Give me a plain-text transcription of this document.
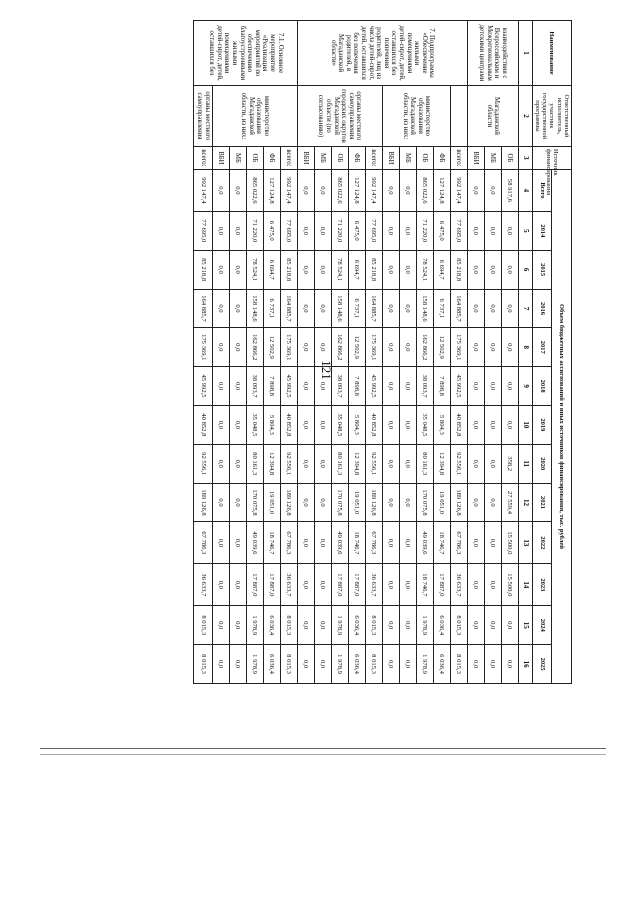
121
Наименование	Ответственный исполнитель, участник государственной программы	Источник финансирования	Объем бюджетных ассигнований и иных источников финансирования, тыс. рублей												
			Всего	2014	2015	2016	2017	2018	2019	2020	2021	2022	2023	2024	2025
1	2	3	4	5	6	7	8	9	10	11	12	13	14	15	16
взаимодействия с Всероссийским и Межрегиональным детскими центрами	Магаданской области	ОБ	58 917,6	0,0	0,0	0,0	0,0	0,0	0,0	358,2	27 559,4	15 500,0	15 500,0	0,0	0,0
		МБ	0,0	0,0	0,0	0,0	0,0	0,0	0,0	0,0	0,0	0,0	0,0	0,0	0,0
		ВБИ	0,0	0,0	0,0	0,0	0,0	0,0	0,0	0,0	0,0	0,0	0,0	0,0	0,0
7. Подпрограмма «Обеспечение жилыми помещениями детей-сирот, детей, оставшихся без попечения родителей, лиц из числа детей-сирот, детей, оставшихся без попечения родителей, в Магаданской области»		всего:	992 147,4	77 695,0	85 218,8	164 885,7	175 369,1	45 992,5	40 852,8	92 556,1	189 126,8	67 786,3	36 633,7	8 015,3	8 015,3
	министерство образования Магаданской области, из них:	ФБ	127 124,8	6 475,0	6 694,7	6 737,1	12 502,9	7 898,8	5 804,3	12 394,8	19 051,0	18 746,7	17 887,0	6 036,4	6 036,4
		ОБ	865 022,6	71 220,0	78 524,1	158 148,6	162 866,2	38 093,7	35 048,5	80 161,3	170 075,8	49 039,6	18 746,7	1 978,9	1 978,9
		МБ	0,0	0,0	0,0	0,0	0,0	0,0	0,0	0,0	0,0	0,0	0,0	0,0	0,0
		ВБИ	0,0	0,0	0,0	0,0	0,0	0,0	0,0	0,0	0,0	0,0	0,0	0,0	0,0
	органы местного самоуправления городских округов Магаданской области (по согласованию)	всего:	992 147,4	77 695,0	85 218,8	164 885,7	175 369,1	45 992,5	40 852,8	92 556,1	189 126,8	67 786,3	36 633,7	8 015,3	8 015,3
		ФБ	127 124,8	6 475,0	6 694,7	6 737,1	12 502,9	7 898,8	5 804,3	12 394,8	19 051,0	18 746,7	17 887,0	6 036,4	6 036,4
		ОБ	865 022,6	71 220,0	78 524,1	158 148,6	162 866,2	38 093,7	35 048,5	80 161,3	170 075,8	49 039,6	17 887,0	1 978,9	1 978,9
		МБ	0,0	0,0	0,0	0,0	0,0	0,0	0,0	0,0	0,0	0,0	0,0	0,0	0,0
		ВБИ	0,0	0,0	0,0	0,0	0,0	0,0	0,0	0,0	0,0	0,0	0,0	0,0	0,0
7.1. Основное мероприятие «Реализация мероприятий по обеспечению благоустроенными жилыми помещениями детей-сирот, детей, оставшихся без	министерство образования Магаданской области, из них:	всего:	992 147,4	77 695,0	85 218,8	164 885,7	175 369,1	45 992,5	40 852,8	92 556,1	189 126,8	67 786,3	36 633,7	8 015,3	8 015,3
		ФБ	127 124,8	6 475,0	6 694,7	6 737,1	12 502,9	7 898,8	5 804,3	12 394,8	19 051,0	18 746,7	17 887,0	6 036,4	6 036,4
		ОБ	865 022,6	71 220,0	78 524,1	158 148,6	162 866,2	38 093,7	35 048,5	80 161,3	170 075,8	49 039,6	17 887,0	1 978,9	1 978,9
		МБ	0,0	0,0	0,0	0,0	0,0	0,0	0,0	0,0	0,0	0,0	0,0	0,0	0,0
		ВБИ	0,0	0,0	0,0	0,0	0,0	0,0	0,0	0,0	0,0	0,0	0,0	0,0	0,0
	органы местного самоуправления	всего:	992 147,4	77 695,0	85 218,8	164 885,7	175 369,1	45 992,5	40 852,8	92 556,1	189 126,8	67 786,3	36 633,7	8 015,3	8 015,3
